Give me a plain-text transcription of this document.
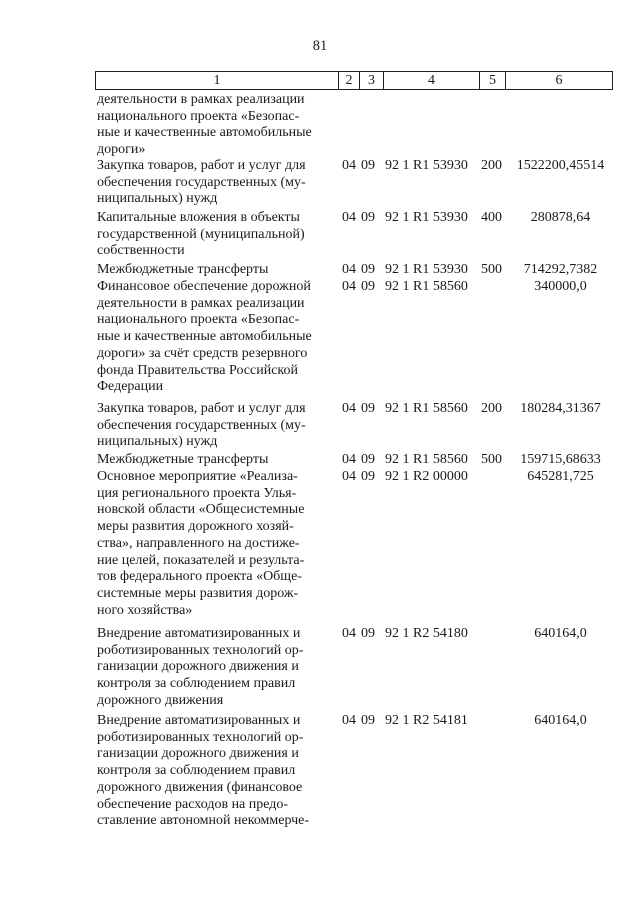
81
1	2	3	4	5	6
деятельности в рамках реализации
национального проекта «Безопас-
ные и качественные автомобильные
дороги»
Закупка товаров, работ и услуг для
обеспечения государственных (му-
ниципальных) нужд
04 09 92 1 R1 53930 200	1522200,45514
Капитальные вложения в объекты
государственной (муниципальной)
собственности
04 09 92 1 R1 53930 400	280878,64
Межбюджетные трансферты	04 09 92 1 R1 53930 500	714292,7382
Финансовое обеспечение дорожной
деятельности в рамках реализации
национального проекта «Безопас-
ные и качественные автомобильные
дороги» за счёт средств резервного
фонда Правительства Российской
Федерации
04 09 92 1 R1 58560	340000,0
Закупка товаров, работ и услуг для
обеспечения государственных (му-
ниципальных) нужд
04 09 92 1 R1 58560 200	180284,31367
Межбюджетные трансферты	04 09 92 1 R1 58560 500	159715,68633
Основное мероприятие «Реализа-
ция регионального проекта Улья-
новской области «Общесистемные
меры развития дорожного хозяй-
ства», направленного на достиже-
ние целей, показателей и результа-
тов федерального проекта «Обще-
системные меры развития дорож-
ного хозяйства»
04 09 92 1 R2 00000	645281,725
Внедрение автоматизированных и
роботизированных технологий ор-
ганизации дорожного движения и
контроля за соблюдением правил
дорожного движения
04 09 92 1 R2 54180	640164,0
Внедрение автоматизированных и
роботизированных технологий ор-
ганизации дорожного движения и
контроля за соблюдением правил
дорожного движения (финансовое
обеспечение расходов на предо-
ставление автономной некоммерче-
04 09 92 1 R2 54181	640164,0
